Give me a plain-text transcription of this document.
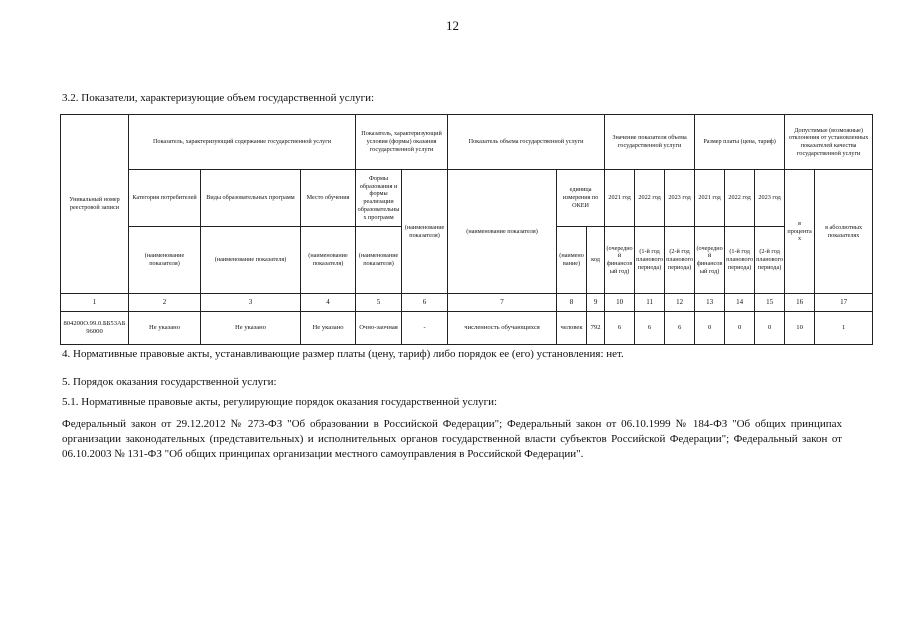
12
3.2. Показатели, характеризующие объем государственной услуги:
Уникальный номер реестровой записи	Показатель, характеризующий содержание государственной услуги			Показатель, характеризующий условия (формы) оказания государственной услуги		Показатель объема государственной услуги			Значение показателя объема государственной услуги			Размер платы (цена, тариф)			Допустимые (возможные) отклонения от установленных показателей качества государственной услуги	
	Категория потребителей	Виды образовательных программ	Место обучения	Формы образования и формы реализации образовательных программ	(наименование показателя)	(наименование показателя)	единица измерения по ОКЕИ		2021 год	2022 год	2023 год	2021 год	2022 год	2023 год	в процентах	в абсолютных показателях
	(наименование показателя)	(наименование показателя)	(наименование показателя)	(наименование показателя)			(наименование)	код	(очередной финансовый год)	(1-й год планового периода)	(2-й год планового периода)	(очередной финансовый год)	(1-й год планового периода)	(2-й год планового периода)		
1	2	3	4	5	6	7	8	9	10	11	12	13	14	15	16	17
804200О.99.0.ББ53АБ96000	Не указано	Не указано	Не указано	Очно-заочная	-	численность обучающихся	человек	792	6	6	6	0	0	0	10	1
4. Нормативные правовые акты, устанавливающие размер платы (цену, тариф) либо порядок ее (его) установления: нет.
5. Порядок оказания государственной услуги:
5.1. Нормативные правовые акты, регулирующие порядок оказания государственной услуги:
Федеральный закон от 29.12.2012 № 273-ФЗ "Об образовании в Российской Федерации"; Федеральный закон от 06.10.1999 № 184-ФЗ "Об общих принципах организации законодательных (представительных) и исполнительных органов государственной власти субъектов Российской Федерации"; Федеральный закон от 06.10.2003 № 131-ФЗ "Об общих принципах организации местного самоуправления в Российской Федерации".
